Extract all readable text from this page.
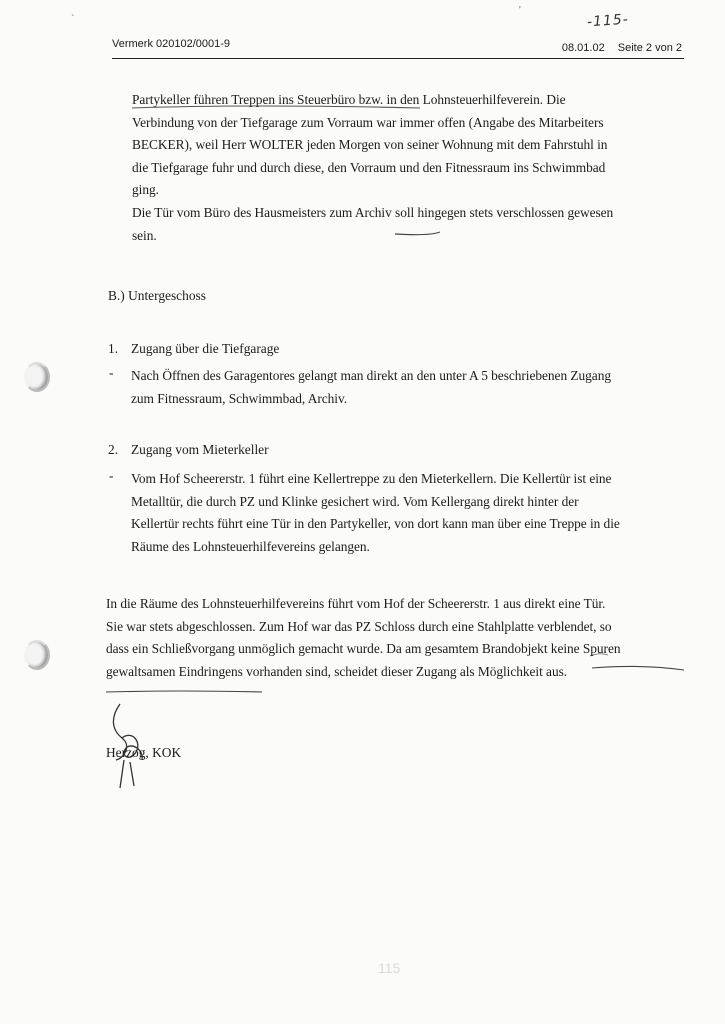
`
'
-115-
Vermerk 020102/0001-9	08.01.02 Seite 2 von 2
Partykeller führen Treppen ins Steuerbüro bzw. in den Lohnsteuerhilfeverein. Die
Verbindung von der Tiefgarage zum Vorraum war immer offen (Angabe des Mitarbeiters
BECKER), weil Herr WOLTER jeden Morgen von seiner Wohnung mit dem Fahrstuhl in
die Tiefgarage fuhr und durch diese, den Vorraum und den Fitnessraum ins Schwimmbad
ging.
Die Tür vom Büro des Hausmeisters zum Archiv soll hingegen stets verschlossen gewesen
sein.
B.) Untergeschoss
1. Zugang über die Tiefgarage
- Nach Öffnen des Garagentores gelangt man direkt an den unter A 5 beschriebenen Zugang
zum Fitnessraum, Schwimmbad, Archiv.
2. Zugang vom Mieterkeller
- Vom Hof Scheererstr. 1 führt eine Kellertreppe zu den Mieterkellern. Die Kellertür ist eine
Metalltür, die durch PZ und Klinke gesichert wird. Vom Kellergang direkt hinter der
Kellertür rechts führt eine Tür in den Partykeller, von dort kann man über eine Treppe in die
Räume des Lohnsteuerhilfevereins gelangen.
In die Räume des Lohnsteuerhilfevereins führt vom Hof der Scheererstr. 1 aus direkt eine Tür.
Sie war stets abgeschlossen. Zum Hof war das PZ Schloss durch eine Stahlplatte verblendet, so
dass ein Schließvorgang unmöglich gemacht wurde. Da am gesamtem Brandobjekt keine Spuren
gewaltsamen Eindringens vorhanden sind, scheidet dieser Zugang als Möglichkeit aus.
Herzog, KOK
115
